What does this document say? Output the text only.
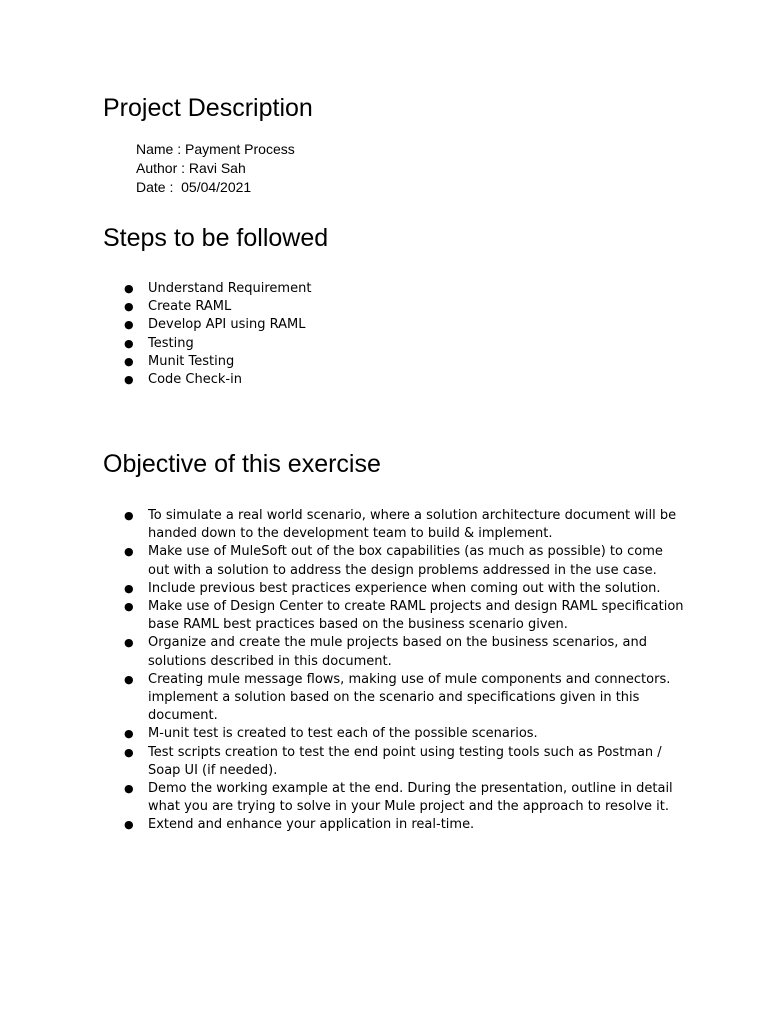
Project Description
Name : Payment Process
Author : Ravi Sah
Date :  05/04/2021
Steps to be followed
● Understand Requirement
● Create RAML
● Develop API using RAML
● Testing
● Munit Testing
● Code Check-in
Objective of this exercise
● To simulate a real world scenario, where a solution architecture document will be handed down to the development team to build & implement.
● Make use of MuleSoft out of the box capabilities (as much as possible) to come out with a solution to address the design problems addressed in the use case.
● Include previous best practices experience when coming out with the solution.
● Make use of Design Center to create RAML projects and design RAML specification base RAML best practices based on the business scenario given.
● Organize and create the mule projects based on the business scenarios, and solutions described in this document.
● Creating mule message flows, making use of mule components and connectors. implement a solution based on the scenario and specifications given in this document.
● M-unit test is created to test each of the possible scenarios.
● Test scripts creation to test the end point using testing tools such as Postman / Soap UI (if needed).
● Demo the working example at the end. During the presentation, outline in detail what you are trying to solve in your Mule project and the approach to resolve it.
● Extend and enhance your application in real-time.
